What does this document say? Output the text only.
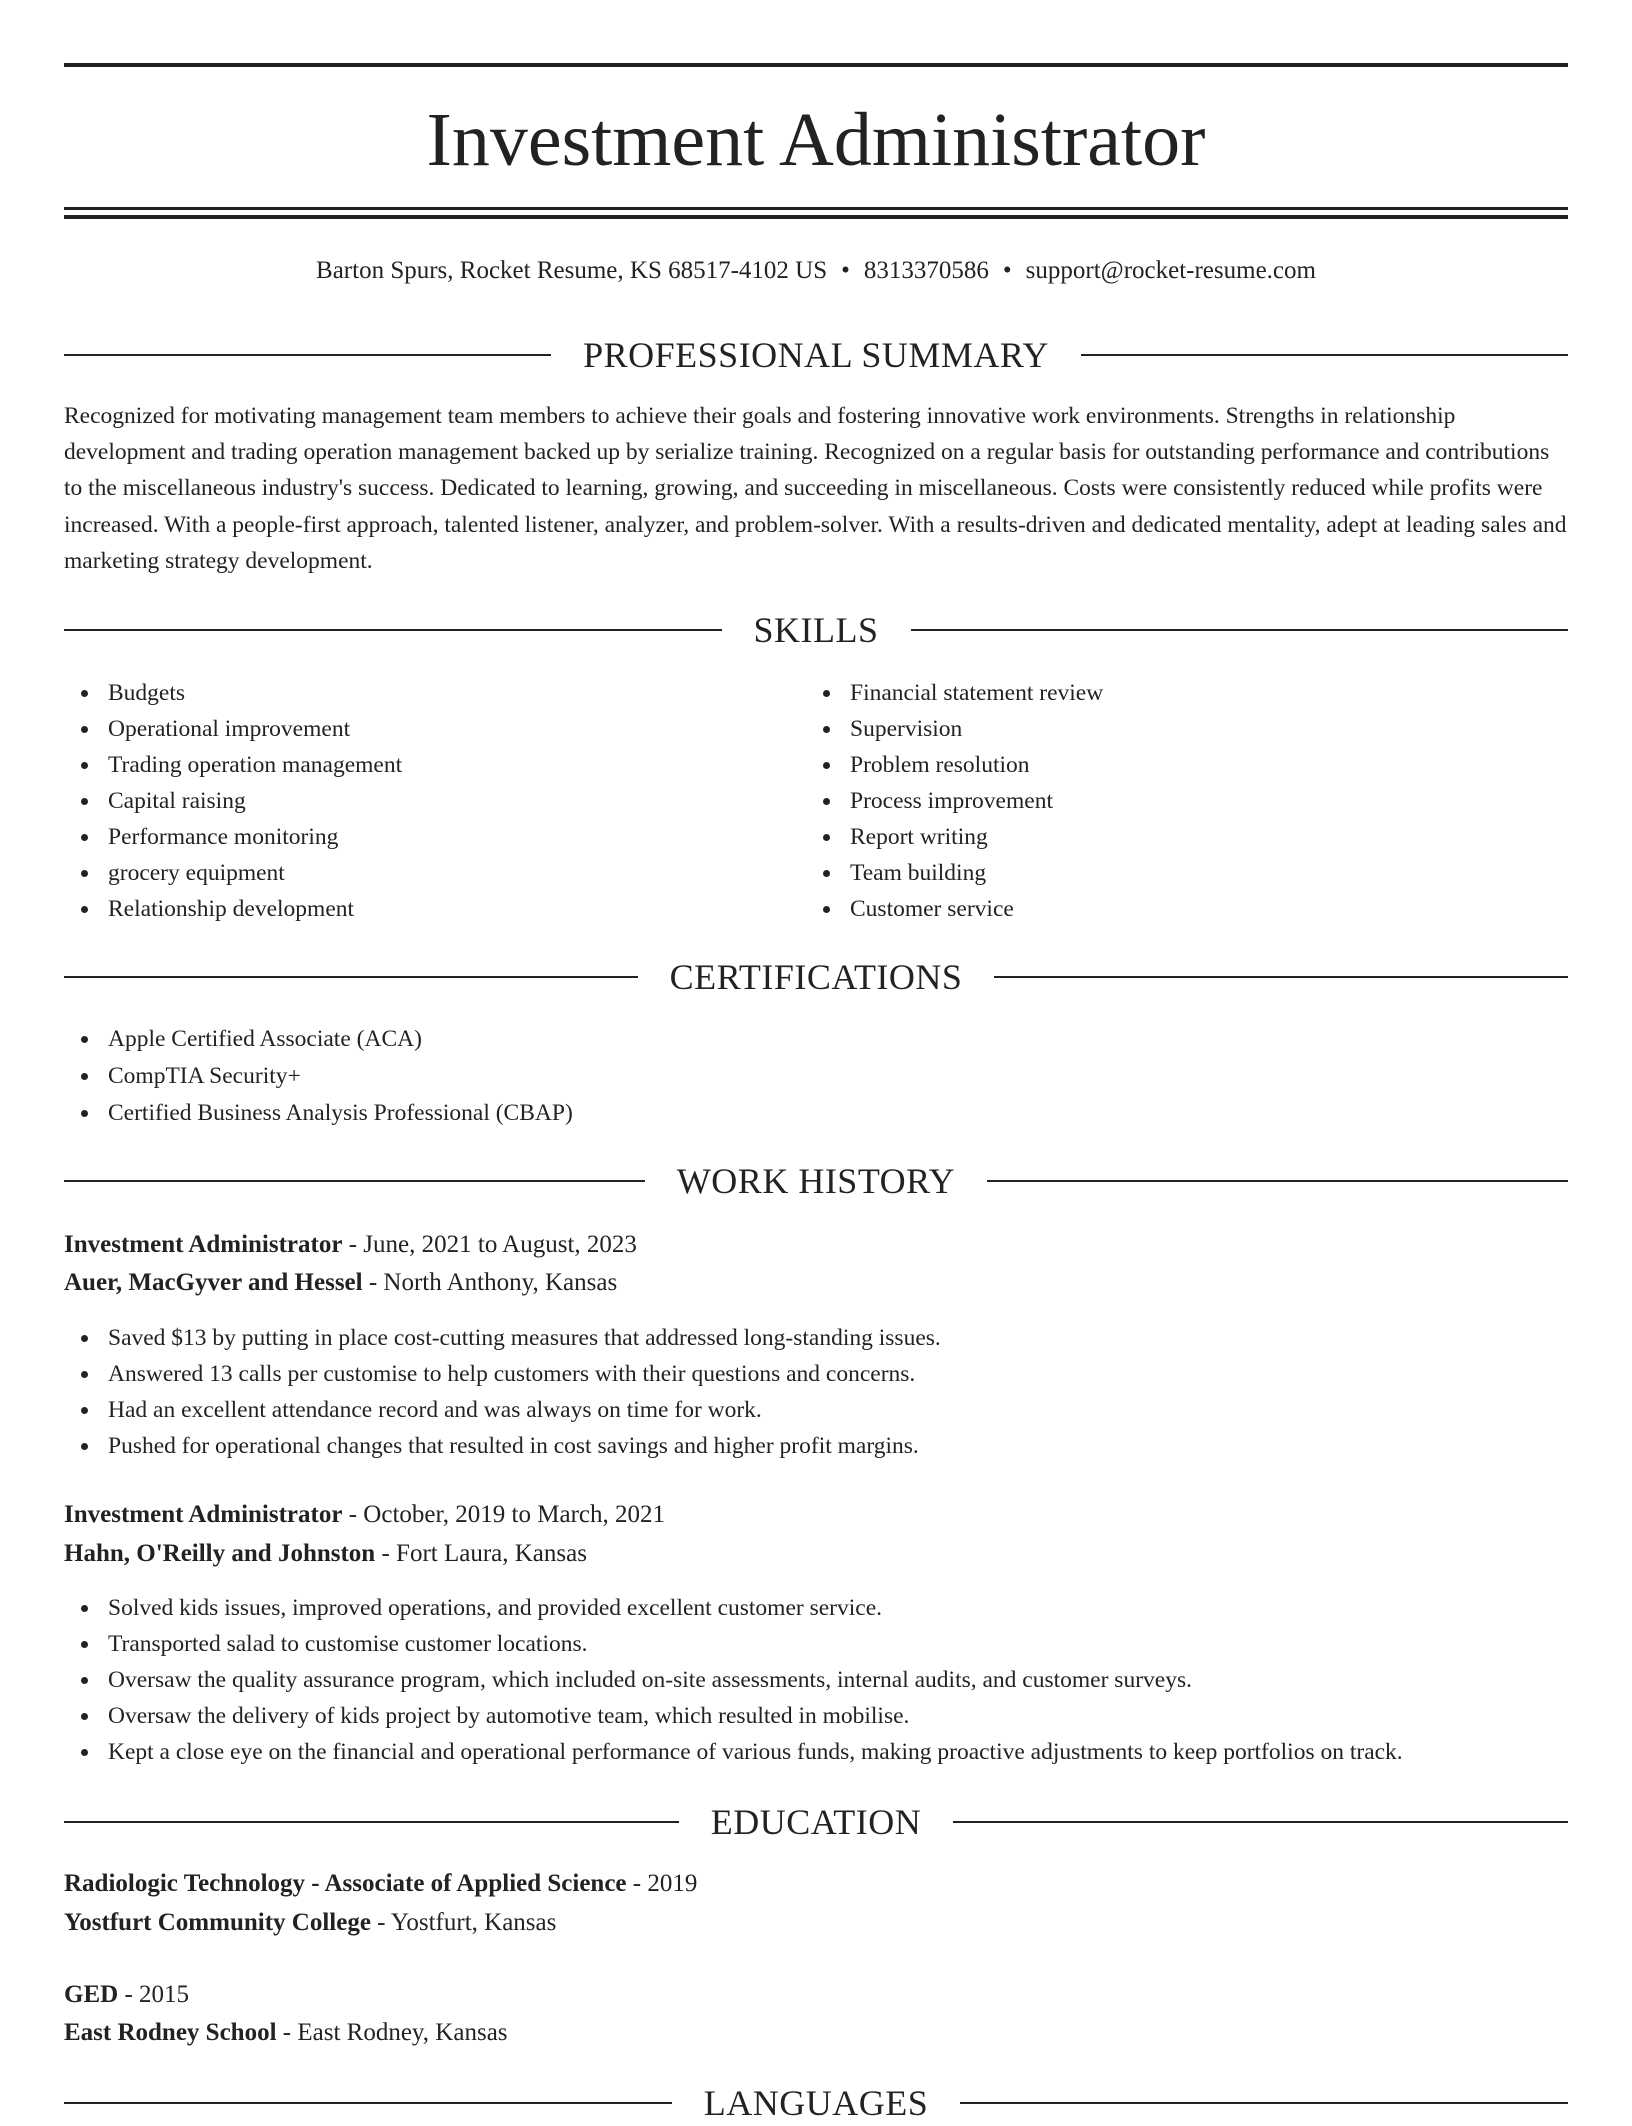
Investment Administrator
Barton Spurs, Rocket Resume, KS 68517-4102 US • 8313370586 • support@rocket-resume.com
PROFESSIONAL SUMMARY

Recognized for motivating management team members to achieve their goals and fostering innovative work environments. Strengths in relationship development and trading operation management backed up by serialize training. Recognized on a regular basis for outstanding performance and contributions to the miscellaneous industry's success. Dedicated to learning, growing, and succeeding in miscellaneous. Costs were consistently reduced while profits were increased. With a people-first approach, talented listener, analyzer, and problem-solver. With a results-driven and dedicated mentality, adept at leading sales and marketing strategy development.

SKILLS
Budgets
Operational improvement
Trading operation management
Capital raising
Performance monitoring
grocery equipment
Relationship development
Financial statement review
Supervision
Problem resolution
Process improvement
Report writing
Team building
Customer service
CERTIFICATIONS
Apple Certified Associate (ACA)
CompTIA Security+
Certified Business Analysis Professional (CBAP)
WORK HISTORY
Investment Administrator - June, 2021 to August, 2023
Auer, MacGyver and Hessel - North Anthony, Kansas
Saved $13 by putting in place cost-cutting measures that addressed long-standing issues.
Answered 13 calls per customise to help customers with their questions and concerns.
Had an excellent attendance record and was always on time for work.
Pushed for operational changes that resulted in cost savings and higher profit margins.
Investment Administrator - October, 2019 to March, 2021
Hahn, O'Reilly and Johnston - Fort Laura, Kansas
Solved kids issues, improved operations, and provided excellent customer service.
Transported salad to customise customer locations.
Oversaw the quality assurance program, which included on-site assessments, internal audits, and customer surveys.
Oversaw the delivery of kids project by automotive team, which resulted in mobilise.
Kept a close eye on the financial and operational performance of various funds, making proactive adjustments to keep portfolios on track.
EDUCATION
Radiologic Technology - Associate of Applied Science - 2019
Yostfurt Community College - Yostfurt, Kansas
GED - 2015
East Rodney School - East Rodney, Kansas
LANGUAGES
